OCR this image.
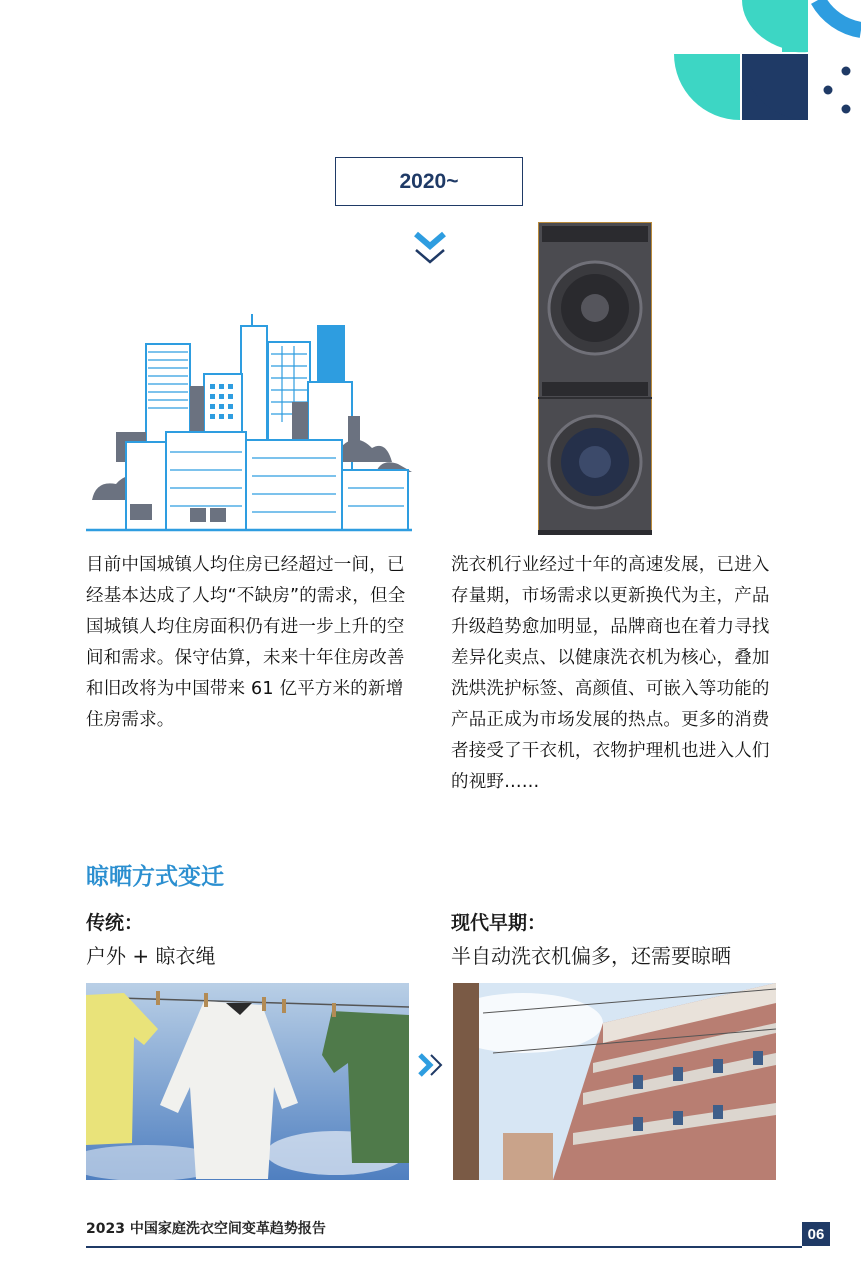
2020~
目前中国城镇人均住房已经超过一间，已经基本达成了人均“不缺房”的需求，但全国城镇人均住房面积仍有进一步上升的空间和需求。保守估算，未来十年住房改善和旧改将为中国带来 61 亿平方米的新增住房需求。
洗衣机行业经过十年的高速发展，已进入存量期，市场需求以更新换代为主，产品升级趋势愈加明显，品牌商也在着力寻找差异化卖点、以健康洗衣机为核心，叠加洗烘洗护标签、高颜值、可嵌入等功能的产品正成为市场发展的热点。更多的消费者接受了干衣机，衣物护理机也进入人们的视野……
晾晒方式变迁
传统：
户外 + 晾衣绳
现代早期：
半自动洗衣机偏多，还需要晾晒
2023 中国家庭洗衣空间变革趋势报告	06
